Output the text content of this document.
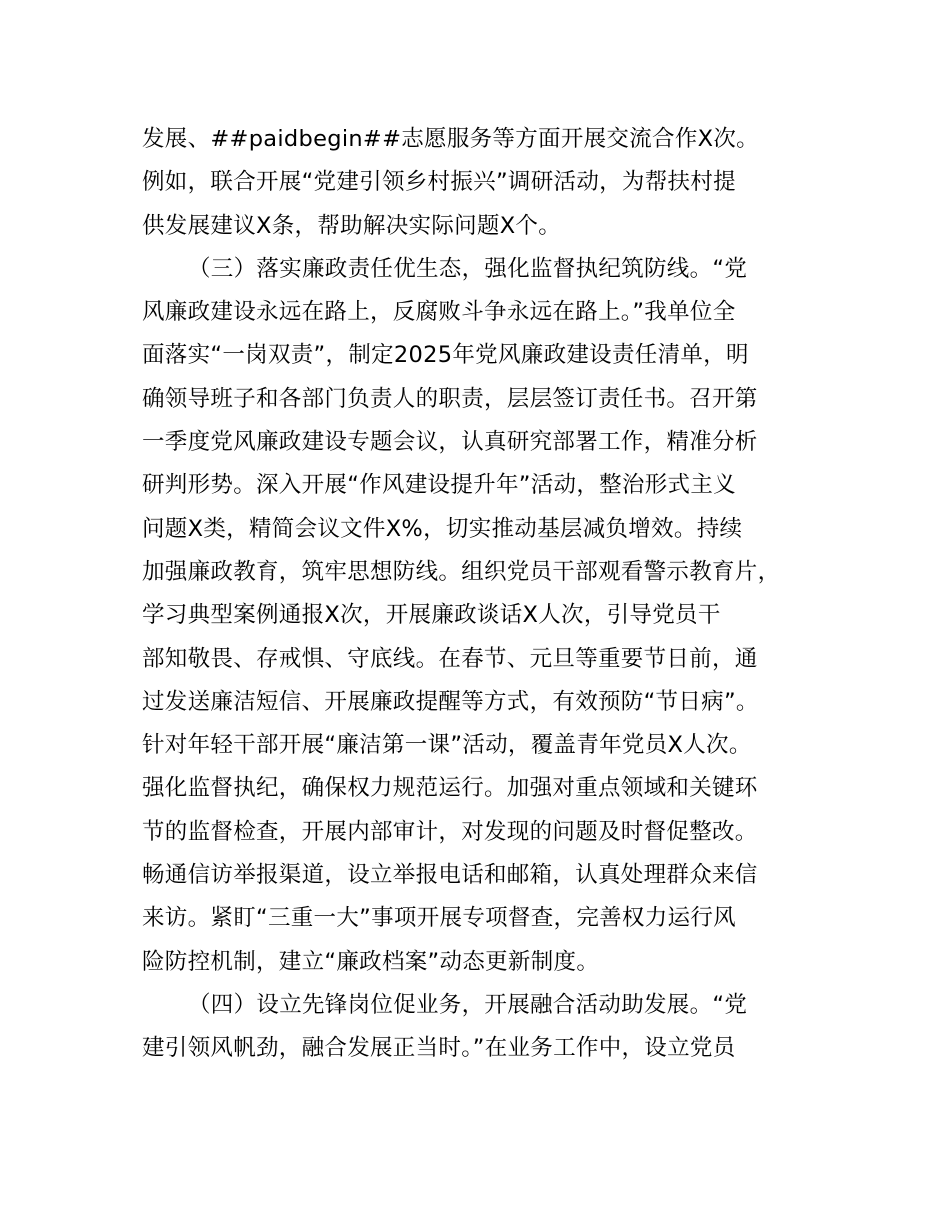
发展、##paidbegin##志愿服务等方面开展交流合作X次。
例如，联合开展“党建引领乡村振兴”调研活动，为帮扶村提
供发展建议X条，帮助解决实际问题X个。
（三）落实廉政责任优生态，强化监督执纪筑防线。“党
风廉政建设永远在路上，反腐败斗争永远在路上。”我单位全
面落实“一岗双责”，制定2025年党风廉政建设责任清单，明
确领导班子和各部门负责人的职责，层层签订责任书。召开第
一季度党风廉政建设专题会议，认真研究部署工作，精准分析
研判形势。深入开展“作风建设提升年”活动，整治形式主义
问题X类，精简会议文件X%，切实推动基层减负增效。持续
加强廉政教育，筑牢思想防线。组织党员干部观看警示教育片，
学习典型案例通报X次，开展廉政谈话X人次，引导党员干
部知敬畏、存戒惧、守底线。在春节、元旦等重要节日前，通
过发送廉洁短信、开展廉政提醒等方式，有效预防“节日病”。
针对年轻干部开展“廉洁第一课”活动，覆盖青年党员X人次。
强化监督执纪，确保权力规范运行。加强对重点领域和关键环
节的监督检查，开展内部审计，对发现的问题及时督促整改。
畅通信访举报渠道，设立举报电话和邮箱，认真处理群众来信
来访。紧盯“三重一大”事项开展专项督查，完善权力运行风
险防控机制，建立“廉政档案”动态更新制度。
（四）设立先锋岗位促业务，开展融合活动助发展。“党
建引领风帆劲，融合发展正当时。”在业务工作中，设立党员
